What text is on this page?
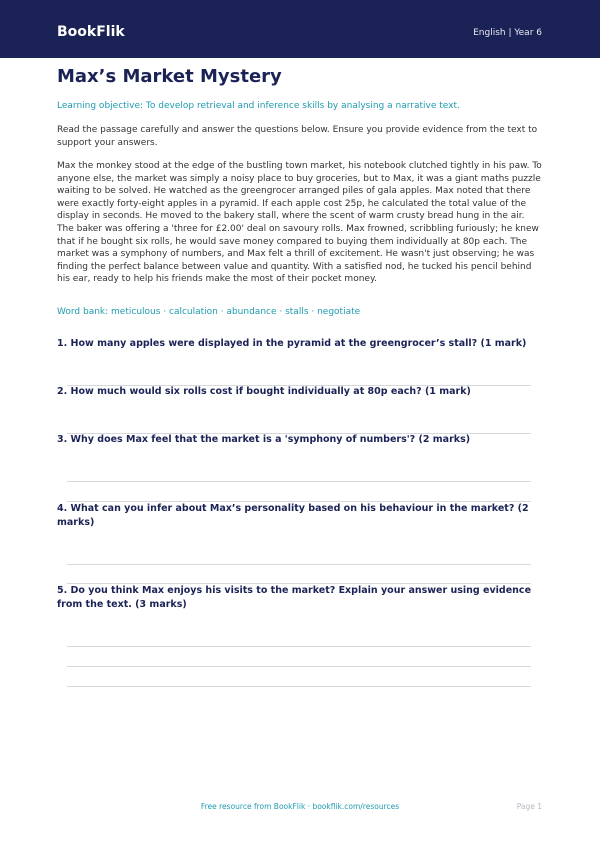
BookFlik	English | Year 6
Max’s Market Mystery
Learning objective: To develop retrieval and inference skills by analysing a narrative text.
Read the passage carefully and answer the questions below. Ensure you provide evidence from the text to support your answers.
Max the monkey stood at the edge of the bustling town market, his notebook clutched tightly in his paw. To anyone else, the market was simply a noisy place to buy groceries, but to Max, it was a giant maths puzzle waiting to be solved. He watched as the greengrocer arranged piles of gala apples. Max noted that there were exactly forty-eight apples in a pyramid. If each apple cost 25p, he calculated the total value of the display in seconds. He moved to the bakery stall, where the scent of warm crusty bread hung in the air. The baker was offering a 'three for £2.00' deal on savoury rolls. Max frowned, scribbling furiously; he knew that if he bought six rolls, he would save money compared to buying them individually at 80p each. The market was a symphony of numbers, and Max felt a thrill of excitement. He wasn't just observing; he was finding the perfect balance between value and quantity. With a satisfied nod, he tucked his pencil behind his ear, ready to help his friends make the most of their pocket money.
Word bank: meticulous · calculation · abundance · stalls · negotiate
1. How many apples were displayed in the pyramid at the greengrocer’s stall? (1 mark)
2. How much would six rolls cost if bought individually at 80p each? (1 mark)
3. Why does Max feel that the market is a 'symphony of numbers'? (2 marks)
4. What can you infer about Max’s personality based on his behaviour in the market? (2 marks)
5. Do you think Max enjoys his visits to the market? Explain your answer using evidence from the text. (3 marks)
Free resource from BookFlik · bookflik.com/resources	Page 1
